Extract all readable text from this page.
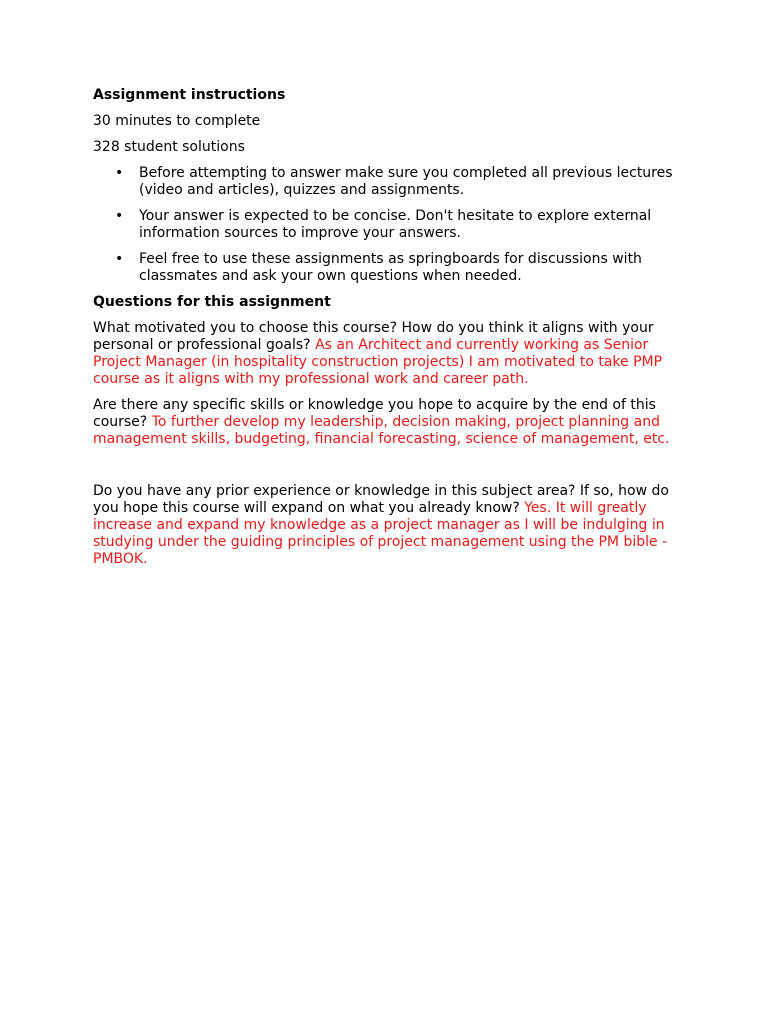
Assignment instructions
30 minutes to complete
328 student solutions
• Before attempting to answer make sure you completed all previous lectures (video and articles), quizzes and assignments.
• Your answer is expected to be concise. Don't hesitate to explore external information sources to improve your answers.
• Feel free to use these assignments as springboards for discussions with classmates and ask your own questions when needed.
Questions for this assignment
What motivated you to choose this course? How do you think it aligns with your personal or professional goals? As an Architect and currently working as Senior Project Manager (in hospitality construction projects) I am motivated to take PMP course as it aligns with my professional work and career path.
Are there any specific skills or knowledge you hope to acquire by the end of this course? To further develop my leadership, decision making, project planning and management skills, budgeting, financial forecasting, science of management, etc.
Do you have any prior experience or knowledge in this subject area? If so, how do you hope this course will expand on what you already know? Yes. It will greatly increase and expand my knowledge as a project manager as I will be indulging in studying under the guiding principles of project management using the PM bible - PMBOK.
